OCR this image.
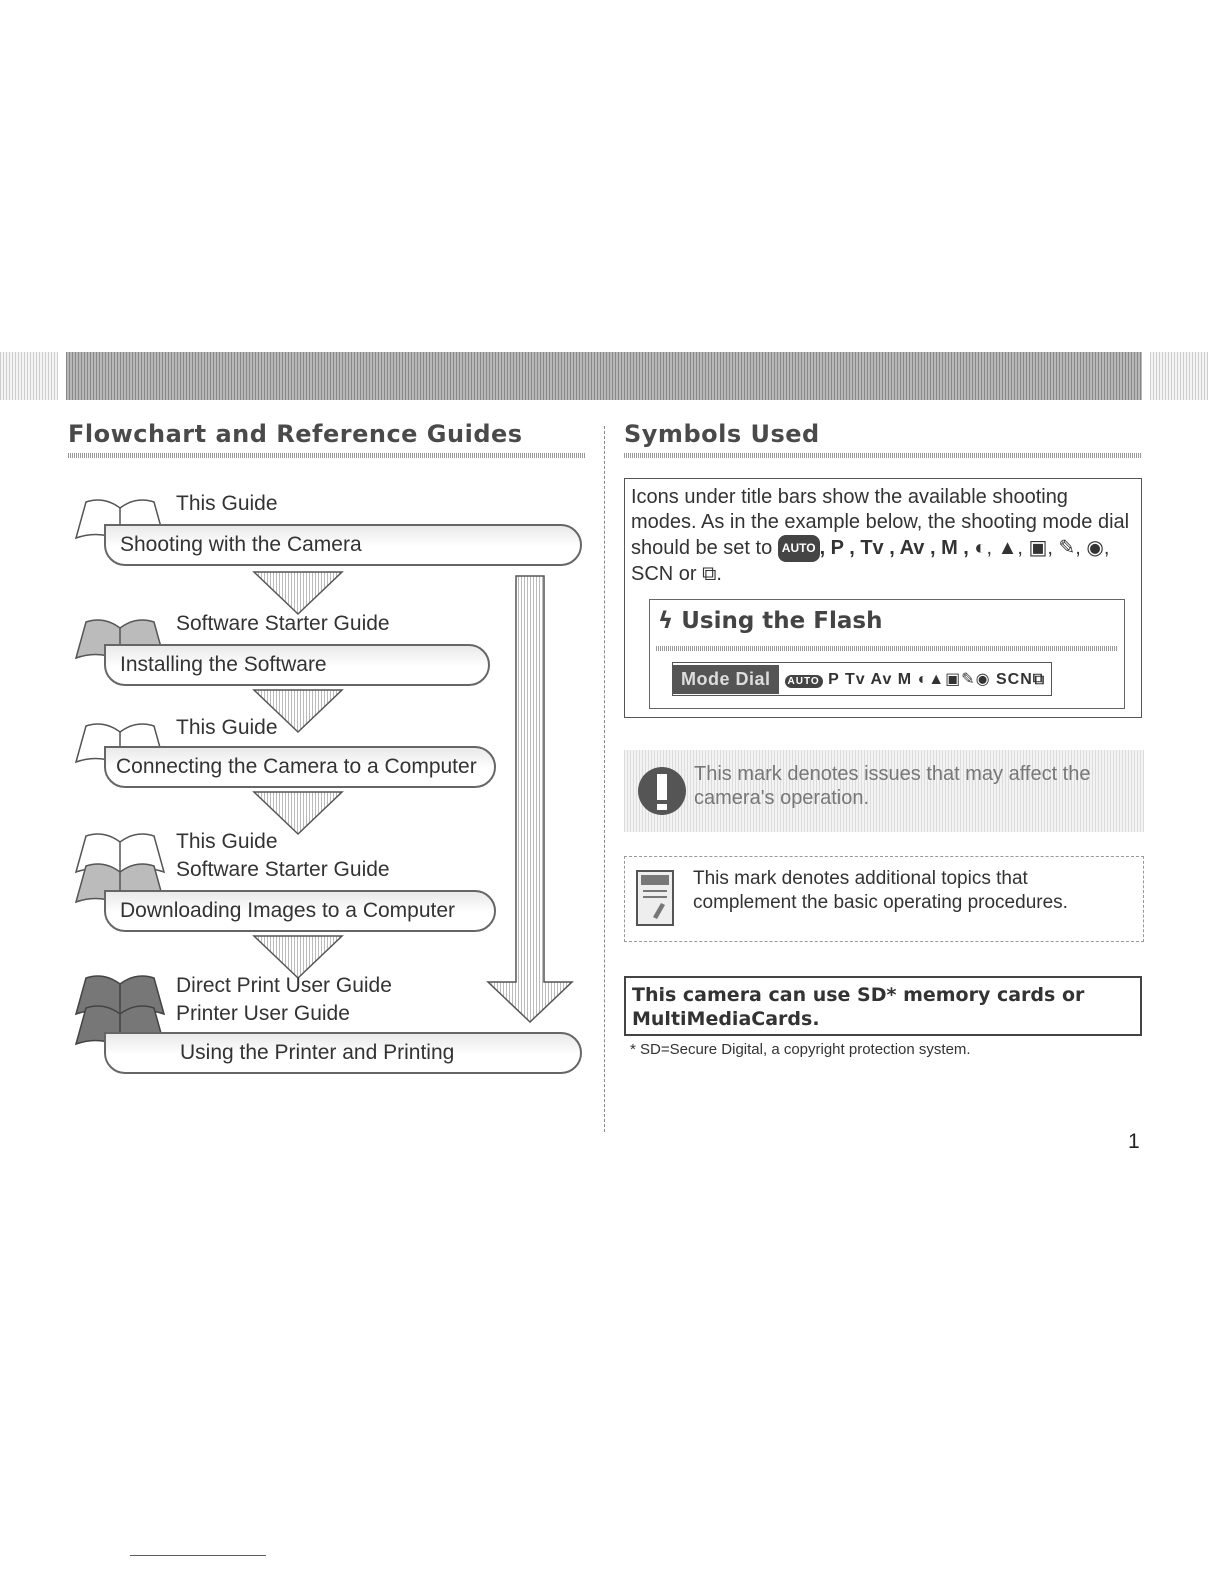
Flowchart and Reference Guides
This Guide
Shooting with the Camera
Software Starter Guide
Installing the Software
This Guide
Connecting the Camera to a Computer
This Guide
Software Starter Guide
Downloading Images to a Computer
Direct Print User Guide
Printer User Guide
Using the Printer and Printing
Symbols Used
Icons under title bars show the available shooting modes. As in the example below, the shooting mode dial should be set to AUTO , P , Tv , Av , M , ◐, ▲, ▣, ✎, ◉, SCN or ⧉.
ϟ Using the Flash
Mode Dial	AUTO P Tv Av M ◐▲▣✎◉ SCN⧉
This mark denotes issues that may affect the camera's operation.
This mark denotes additional topics that complement the basic operating procedures.
This camera can use SD* memory cards or MultiMediaCards.
* SD=Secure Digital, a copyright protection system.
1
